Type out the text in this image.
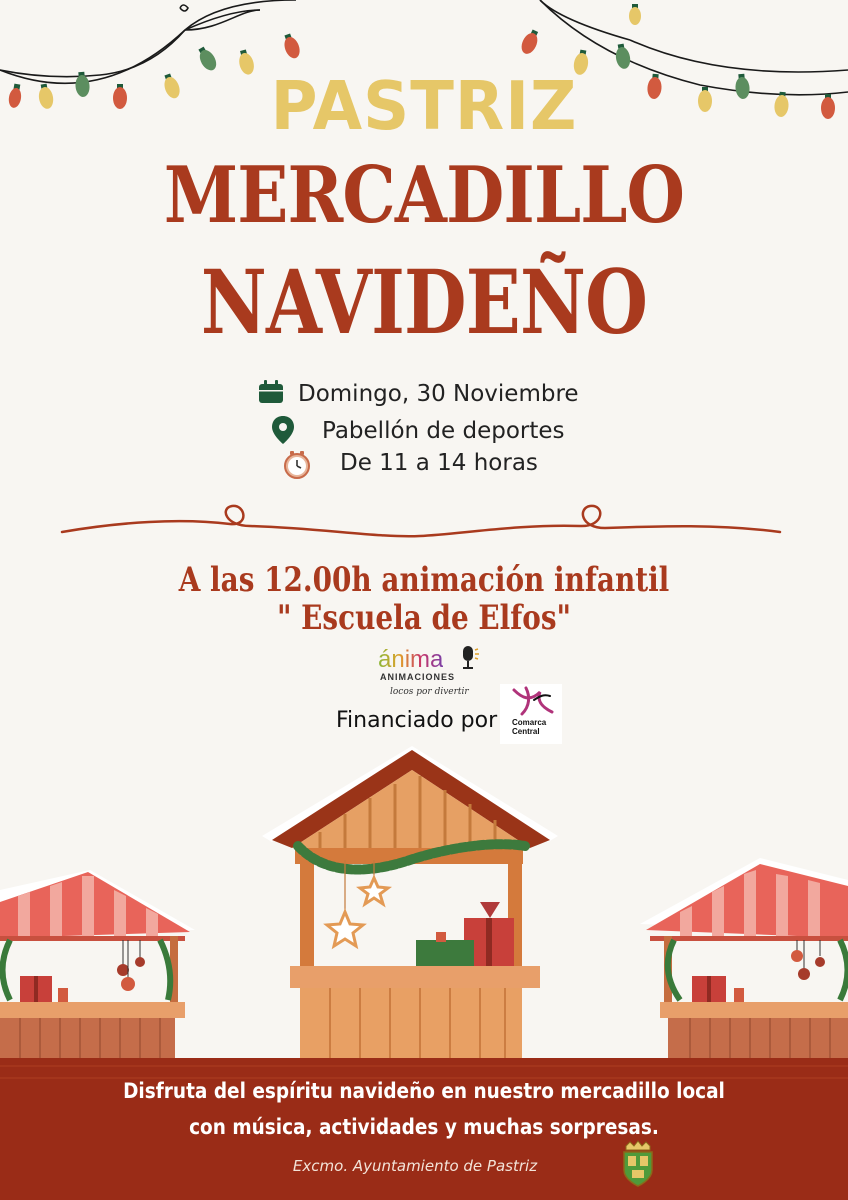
PASTRIZ
MERCADILLO
NAVIDEÑO
Domingo, 30 Noviembre
Pabellón de deportes
De 11 a 14 horas
A las 12.00h animación infantil
" Escuela de Elfos"
ánima
ANIMACIONES
locos por divertir
Financiado por Comarca
Central
Disfruta del espíritu navideño en nuestro mercadillo local
con música, actividades y muchas sorpresas.
Excmo. Ayuntamiento de Pastriz
